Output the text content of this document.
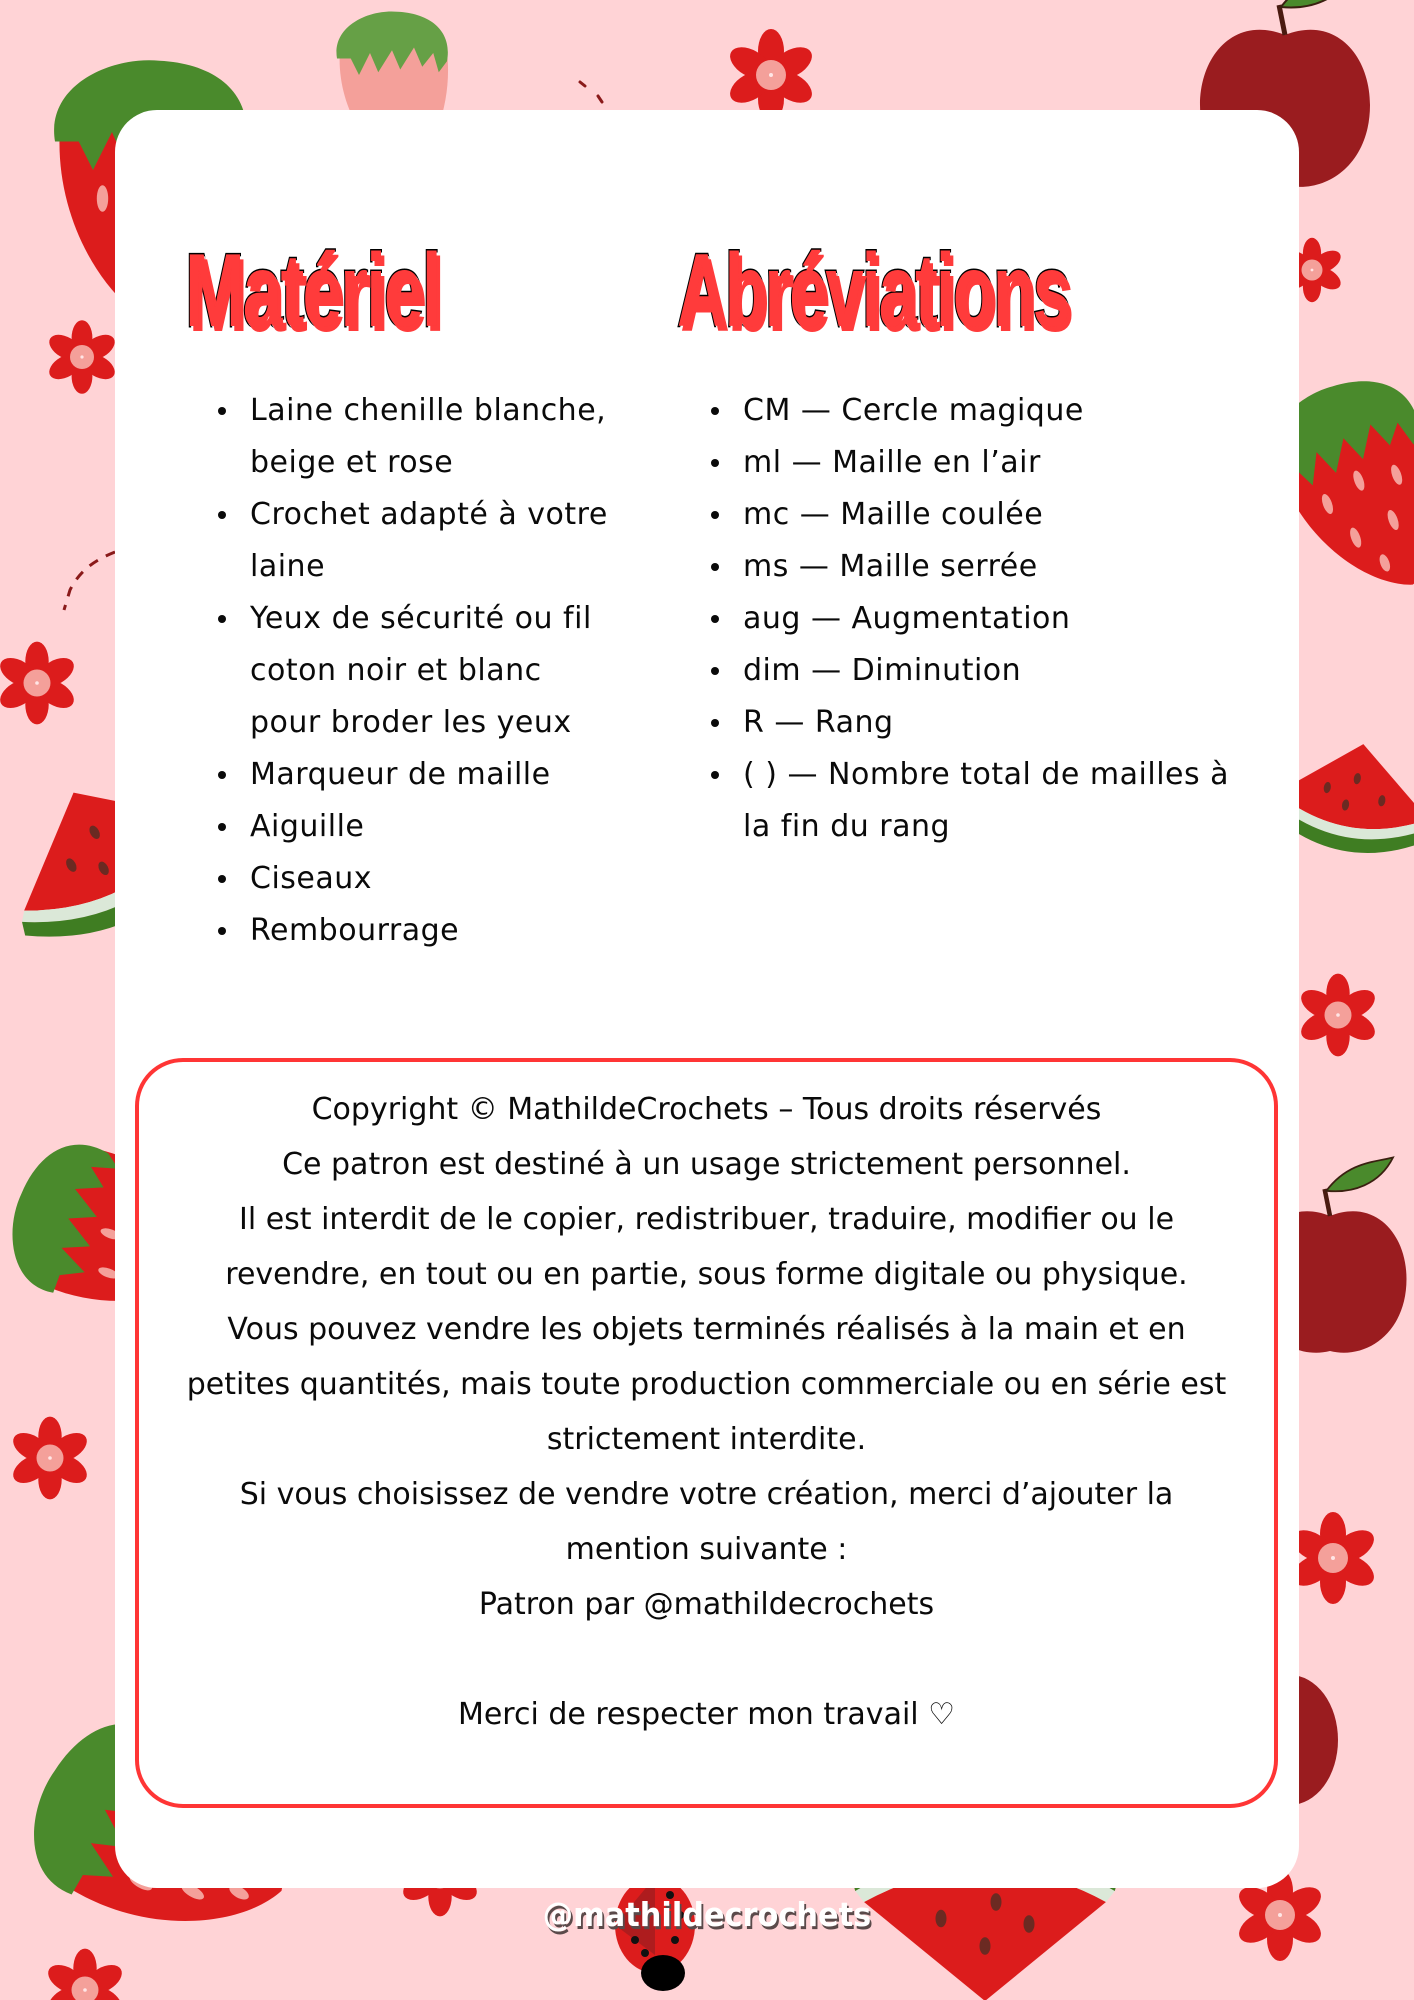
Matériel Abréviations
Laine chenille blanche, beige et rose
Crochet adapté à votre laine
Yeux de sécurité ou fil coton noir et blanc pour broder les yeux
Marqueur de maille
Aiguille
Ciseaux
Rembourrage
CM — Cercle magique
ml — Maille en l’air
mc — Maille coulée
ms — Maille serrée
aug — Augmentation
dim — Diminution
R — Rang
( ) — Nombre total de mailles à la fin du rang

Copyright © MathildeCrochets – Tous droits réservés

Ce patron est destiné à un usage strictement personnel.

Il est interdit de le copier, redistribuer, traduire, modifier ou le revendre, en tout ou en partie, sous forme digitale ou physique.

Vous pouvez vendre les objets terminés réalisés à la main et en petites quantités, mais toute production commerciale ou en série est strictement interdite.

Si vous choisissez de vendre votre création, merci d’ajouter la mention suivante :

Patron par @mathildecrochets

Merci de respecter mon travail ♡

@mathildecrochets
